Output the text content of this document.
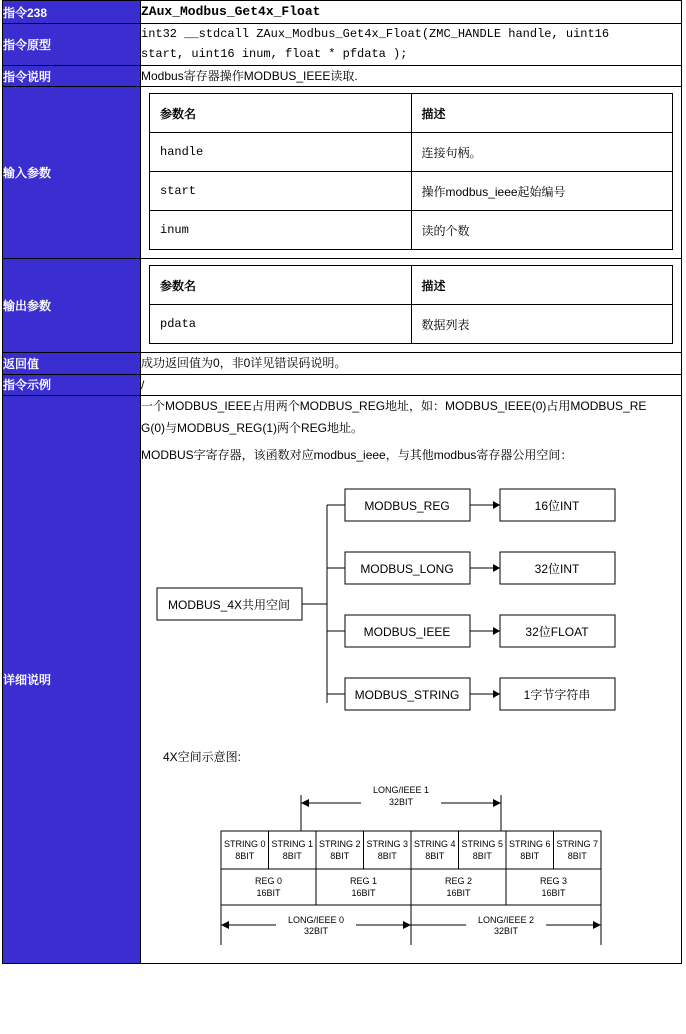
指令238	ZAux_Modbus_Get4x_Float

指令原型	
int32 __stdcall ZAux_Modbus_Get4x_Float(ZMC_HANDLE handle, uint16
start, uint16 inum, float * pfdata );

指令说明	Modbus寄存器操作MODBUS_IEEE读取.

输入参数	
参数名	描述
handle	连接句柄。
start	操作modbus_ieee起始编号
inum	读的个数

输出参数	
参数名	描述
pdata	数据列表

返回值	成功返回值为0，非0详见错误码说明。

指令示例	/

详细说明	

一个MODBUS_IEEE占用两个MODBUS_REG地址，如：MODBUS_IEEE(0)占用MODBUS_RE
G(0)与MODBUS_REG(1)两个REG地址。

MODBUS字寄存器，该函数对应modbus_ieee，与其他modbus寄存器公用空间：

MODBUS_4X共用空间
MODBUS_REG	16位INT
MODBUS_LONG	32位INT
MODBUS_IEEE	32位FLOAT
MODBUS_STRING	1字节字符串
4X空间示意图:
LONG/IEEE 1
32BIT
STRING 0
8BIT
STRING 1
8BIT
STRING 2
8BIT
STRING 3
8BIT
STRING 4
8BIT
STRING 5
8BIT
STRING 6
8BIT
STRING 7
8BIT
REG 0
16BIT
REG 1
16BIT
REG 2
16BIT
REG 3
16BIT
LONG/IEEE 0
32BIT
LONG/IEEE 2
32BIT
